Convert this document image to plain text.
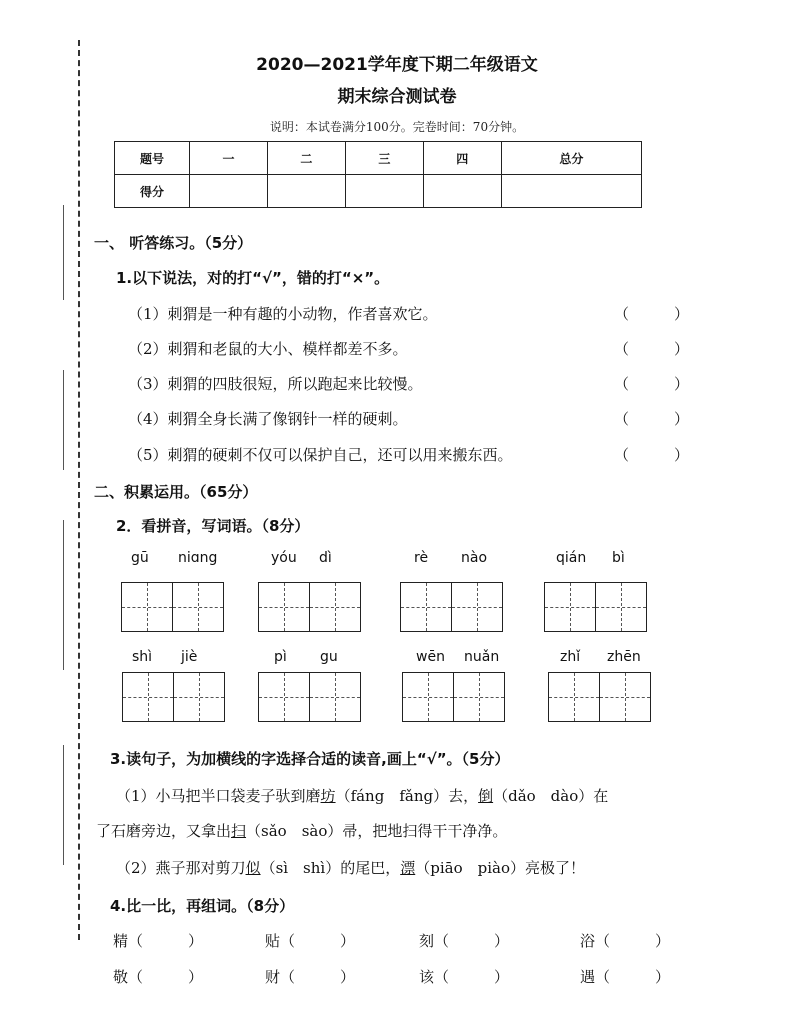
2020—2021学年度下期二年级语文
期末综合测试卷
说明：本试卷满分100分。完卷时间：70分钟。
题号	一	二	三	四	总分
得分					
一、 听答练习。（5分）
1.以下说法，对的打“√”，错的打“×”。
（1）刺猬是一种有趣的小动物，作者喜欢它。	（　　　）
（2）刺猬和老鼠的大小、模样都差不多。	（　　　）
（3）刺猬的四肢很短，所以跑起来比较慢。	（　　　）
（4）刺猬全身长满了像钢针一样的硬刺。	（　　　）
（5）刺猬的硬刺不仅可以保护自己，还可以用来搬东西。	（　　　）
二、积累运用。（65分）
2．看拼音，写词语。（8分）
gū niɑng	yóu dì	rè nào	qián bì
shì jiè	pì gu	wēn nuǎn	zhǐ zhēn
3.读句子，为加横线的字选择合适的读音,画上“√”。（5分）
（1）小马把半口袋麦子驮到磨坊（fáng　fǎng）去，倒（dǎo　dào）在
了石磨旁边，又拿出扫（sǎo　sào）帚，把地扫得干干净净。
（2）燕子那对剪刀似（sì　shì）的尾巴，漂（piāo　piào）亮极了！
4.比一比，再组词。（8分）
精（　　　）	贴（　　　）	刻（　　　）	浴（　　　）
敬（　　　）	财（　　　）	该（　　　）	遇（　　　）
